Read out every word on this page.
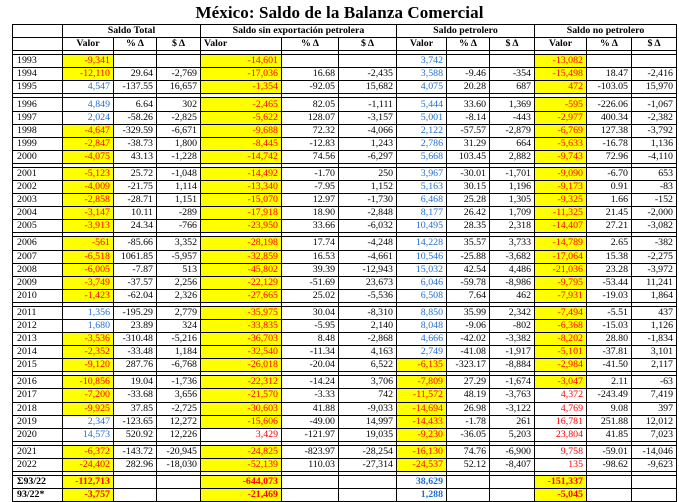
México: Saldo de la Balanza Comercial
	Saldo Total			Saldo sin exportación petrolera			Saldo petrolero			Saldo no petrolero		
	Valor	% Δ	$ Δ	Valor	% Δ	$ Δ	Valor	% Δ	$ Δ	Valor	% Δ	$ Δ

1993	-9,341			-14,601			3,742			-13,082		
1994	-12,110	29.64	-2,769	-17,036	16.68	-2,435	3,588	-9.46	-354	-15,498	18.47	-2,416
1995	4,547	-137.55	16,657	-1,354	-92.05	15,682	4,075	20.28	687	472	-103.05	15,970

1996	4,849	6.64	302	-2,465	82.05	-1,111	5,444	33.60	1,369	-595	-226.06	-1,067
1997	2,024	-58.26	-2,825	-5,622	128.07	-3,157	5,001	-8.14	-443	-2,977	400.34	-2,382
1998	-4,647	-329.59	-6,671	-9,688	72.32	-4,066	2,122	-57.57	-2,879	-6,769	127.38	-3,792
1999	-2,847	-38.73	1,800	-8,445	-12.83	1,243	2,786	31.29	664	-5,633	-16.78	1,136
2000	-4,075	43.13	-1,228	-14,742	74.56	-6,297	5,668	103.45	2,882	-9,743	72.96	-4,110

2001	-5,123	25.72	-1,048	-14,492	-1.70	250	3,967	-30.01	-1,701	-9,090	-6.70	653
2002	-4,009	-21.75	1,114	-13,340	-7.95	1,152	5,163	30.15	1,196	-9,173	0.91	-83
2003	-2,858	-28.71	1,151	-15,070	12.97	-1,730	6,468	25.28	1,305	-9,325	1.66	-152
2004	-3,147	10.11	-289	-17,918	18.90	-2,848	8,177	26.42	1,709	-11,325	21.45	-2,000
2005	-3,913	24.34	-766	-23,950	33.66	-6,032	10,495	28.35	2,318	-14,407	27.21	-3,082

2006	-561	-85.66	3,352	-28,198	17.74	-4,248	14,228	35.57	3,733	-14,789	2.65	-382
2007	-6,518	1061.85	-5,957	-32,859	16.53	-4,661	10,546	-25.88	-3,682	-17,064	15.38	-2,275
2008	-6,005	-7.87	513	-45,802	39.39	-12,943	15,032	42.54	4,486	-21,036	23.28	-3,972
2009	-3,749	-37.57	2,256	-22,129	-51.69	23,673	6,046	-59.78	-8,986	-9,795	-53.44	11,241
2010	-1,423	-62.04	2,326	-27,665	25.02	-5,536	6,508	7.64	462	-7,931	-19.03	1,864

2011	1,356	-195.29	2,779	-35,975	30.04	-8,310	8,850	35.99	2,342	-7,494	-5.51	437
2012	1,680	23.89	324	-33,835	-5.95	2,140	8,048	-9.06	-802	-6,368	-15.03	1,126
2013	-3,536	-310.48	-5,216	-36,703	8.48	-2,868	4,666	-42.02	-3,382	-8,202	28.80	-1,834
2014	-2,352	-33.48	1,184	-32,540	-11.34	4,163	2,749	-41.08	-1,917	-5,101	-37.81	3,101
2015	-9,120	287.76	-6,768	-26,018	-20.04	6,522	-6,135	-323.17	-8,884	-2,984	-41.50	2,117

2016	-10,856	19.04	-1,736	-22,312	-14.24	3,706	-7,809	27.29	-1,674	-3,047	2.11	-63
2017	-7,200	-33.68	3,656	-21,570	-3.33	742	-11,572	48.19	-3,763	4,372	-243.49	7,419
2018	-9,925	37.85	-2,725	-30,603	41.88	-9,033	-14,694	26.98	-3,122	4,769	9.08	397
2019	2,347	-123.65	12,272	-15,606	-49.00	14,997	-14,433	-1.78	261	16,781	251.88	12,012
2020	14,573	520.92	12,226	3,429	-121.97	19,035	-9,230	-36.05	5,203	23,804	41.85	7,023

2021	-6,372	-143.72	-20,945	-24,825	-823.97	-28,254	-16,130	74.76	-6,900	9,758	-59.01	-14,046
2022	-24,402	282.96	-18,030	-52,139	110.03	-27,314	-24,537	52.12	-8,407	135	-98.62	-9,623

Σ93/22	-112,713			-644,073			38,629			-151,337		
93/22*	-3,757			-21,469			1,288			-5,045		
